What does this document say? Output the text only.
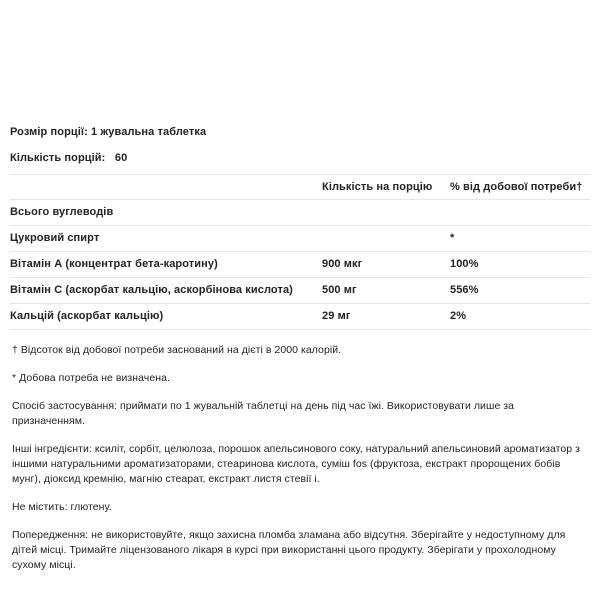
Розмір порції: 1 жувальна таблетка

Кількість порцій:   60

	Кількість на порцію	% від добової потреби†
Всього вуглеводів		
Цукровий спирт		*
Вітамін А (концентрат бета-каротину)	900 мкг	100%
Вітамін C (аскорбат кальцію, аскорбінова кислота)	500 мг	556%
Кальцій (аскорбат кальцію)	29 мг	2%

† Відсоток від добової потреби заснований на дієті в 2000 калорій.

* Добова потреба не визначена.

Спосіб застосування: приймати по 1 жувальній таблетці на день під час їжі. Використовувати лише за призначенням.

Інші інгредієнти: ксиліт, сорбіт, целюлоза, порошок апельсинового соку, натуральний апельсиновий ароматизатор з іншими натуральними ароматизаторами, стеаринова кислота, суміш fos (фруктоза, екстракт пророщених бобів мунг), діоксид кремнію, магнію стеарат, екстракт листя стевії і.

Не містить: глютену.

Попередження: не використовуйте, якщо захисна пломба зламана або відсутня. Зберігайте у недоступному для дітей місці. Тримайте ліцензованого лікаря в курсі при використанні цього продукту. Зберігати у прохолодному сухому місці.
